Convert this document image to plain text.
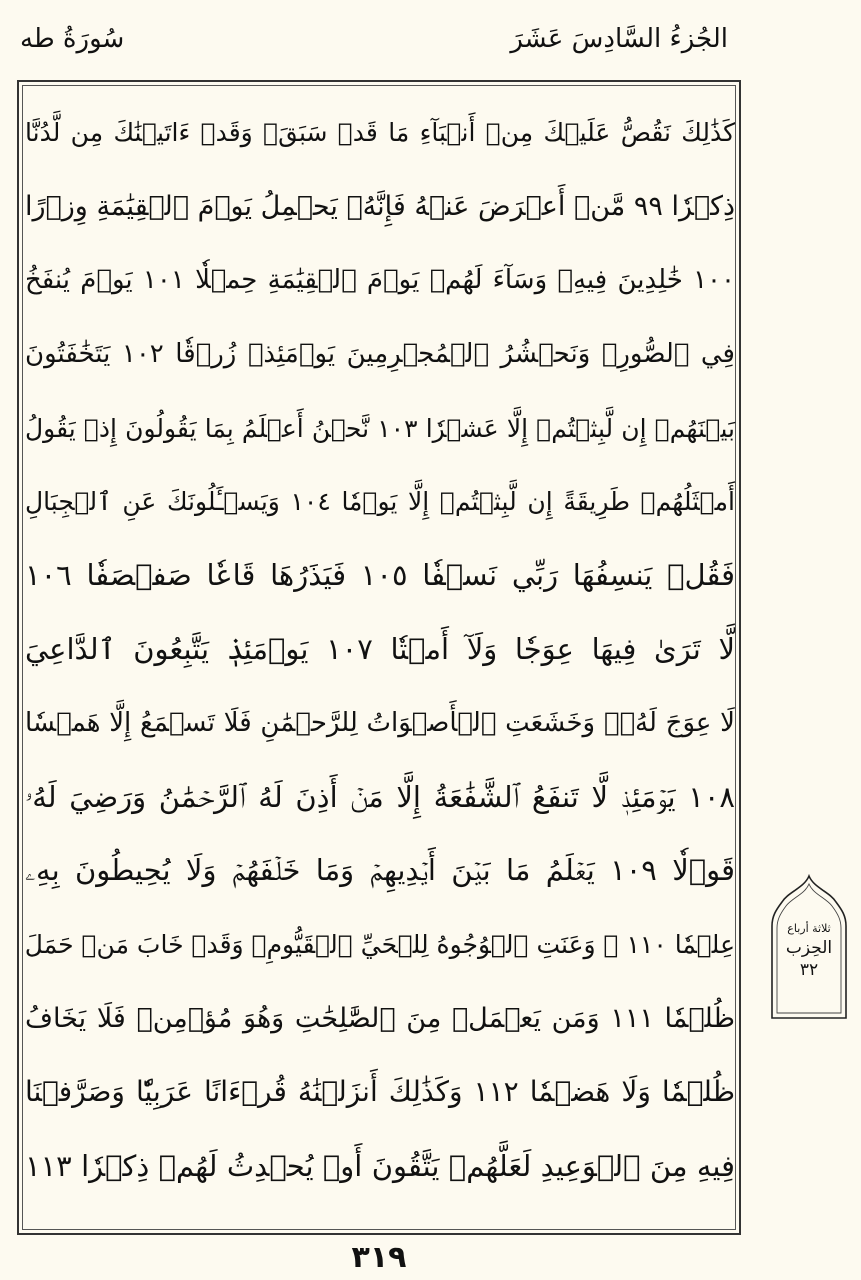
الجُزءُ السَّادِسَ عَشَرَ
سُورَةُ طه
كَذَٰلِكَ نَقُصُّ عَلَيۡكَ مِنۡ أَنۢبَآءِ مَا قَدۡ سَبَقَۚ وَقَدۡ ءَاتَيۡنَٰكَ مِن لَّدُنَّا
ذِكۡرٗا ٩٩ مَّنۡ أَعۡرَضَ عَنۡهُ فَإِنَّهُۥ يَحۡمِلُ يَوۡمَ ٱلۡقِيَٰمَةِ وِزۡرًا
١٠٠ خَٰلِدِينَ فِيهِۖ وَسَآءَ لَهُمۡ يَوۡمَ ٱلۡقِيَٰمَةِ حِمۡلٗا ١٠١ يَوۡمَ يُنفَخُ
فِي ٱلصُّورِۚ وَنَحۡشُرُ ٱلۡمُجۡرِمِينَ يَوۡمَئِذٖ زُرۡقٗا ١٠٢ يَتَخَٰفَتُونَ
بَيۡنَهُمۡ إِن لَّبِثۡتُمۡ إِلَّا عَشۡرٗا ١٠٣ نَّحۡنُ أَعۡلَمُ بِمَا يَقُولُونَ إِذۡ يَقُولُ
أَمۡثَلُهُمۡ طَرِيقَةً إِن لَّبِثۡتُمۡ إِلَّا يَوۡمٗا ١٠٤ وَيَسۡـَٔلُونَكَ عَنِ ٱلۡجِبَالِ
فَقُلۡ يَنسِفُهَا رَبِّي نَسۡفٗا ١٠٥ فَيَذَرُهَا قَاعٗا صَفۡصَفٗا ١٠٦
لَّا تَرَىٰ فِيهَا عِوَجٗا وَلَآ أَمۡتٗا ١٠٧ يَوۡمَئِذٖ يَتَّبِعُونَ ٱلدَّاعِيَ
لَا عِوَجَ لَهُۥۖ وَخَشَعَتِ ٱلۡأَصۡوَاتُ لِلرَّحۡمَٰنِ فَلَا تَسۡمَعُ إِلَّا هَمۡسٗا
١٠٨ يَوۡمَئِذٖ لَّا تَنفَعُ ٱلشَّفَٰعَةُ إِلَّا مَنۡ أَذِنَ لَهُ ٱلرَّحۡمَٰنُ وَرَضِيَ لَهُۥ
قَوۡلٗا ١٠٩ يَعۡلَمُ مَا بَيۡنَ أَيۡدِيهِمۡ وَمَا خَلۡفَهُمۡ وَلَا يُحِيطُونَ بِهِۦ
عِلۡمٗا ١١٠ ۞ وَعَنَتِ ٱلۡوُجُوهُ لِلۡحَيِّ ٱلۡقَيُّومِۖ وَقَدۡ خَابَ مَنۡ حَمَلَ
ظُلۡمٗا ١١١ وَمَن يَعۡمَلۡ مِنَ ٱلصَّٰلِحَٰتِ وَهُوَ مُؤۡمِنٞ فَلَا يَخَافُ
ظُلۡمٗا وَلَا هَضۡمٗا ١١٢ وَكَذَٰلِكَ أَنزَلۡنَٰهُ قُرۡءَانًا عَرَبِيّٗا وَصَرَّفۡنَا
فِيهِ مِنَ ٱلۡوَعِيدِ لَعَلَّهُمۡ يَتَّقُونَ أَوۡ يُحۡدِثُ لَهُمۡ ذِكۡرٗا ١١٣
ثلاثة أرباع
الحِزب
٣٢
٣١٩
